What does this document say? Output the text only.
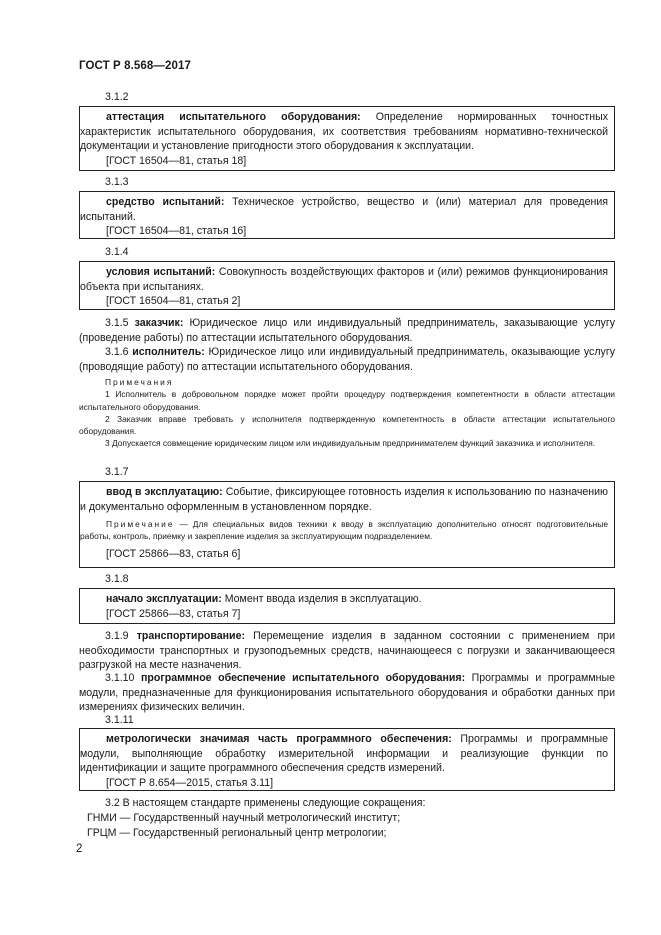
ГОСТ Р 8.568—2017
3.1.2

аттестация испытательного оборудования: Определение нормированных точностных характеристик испытательного оборудования, их соответствия требованиям нормативно-технической документации и установление пригодности этого оборудования к эксплуатации.

[ГОСТ 16504—81, статья 18]

3.1.3

средство испытаний: Техническое устройство, вещество и (или) материал для проведения испытаний.

[ГОСТ 16504—81, статья 16]

3.1.4

условия испытаний: Совокупность воздействующих факторов и (или) режимов функционирования объекта при испытаниях.

[ГОСТ 16504—81, статья 2]

3.1.5 заказчик: Юридическое лицо или индивидуальный предприниматель, заказывающие услугу (проведение работы) по аттестации испытательного оборудования.

3.1.6 исполнитель: Юридическое лицо или индивидуальный предприниматель, оказывающие услугу (проводящие работу) по аттестации испытательного оборудования.

Примечания
1 Исполнитель в добровольном порядке может пройти процедуру подтверждения компетентности в области аттестации испытательного оборудования.
2 Заказчик вправе требовать у исполнителя подтвержденную компетентность в области аттестации испытательного оборудования.
3 Допускается совмещение юридическим лицом или индивидуальным предпринимателем функций заказчика и исполнителя.
3.1.7

ввод в эксплуатацию: Событие, фиксирующее готовность изделия к использованию по назначению и документально оформленным в установленном порядке.

Примечание — Для специальных видов техники к вводу в эксплуатацию дополнительно относят подготовительные работы, контроль, приемку и закрепление изделия за эксплуатирующим подразделением.

[ГОСТ 25866—83, статья 6]

3.1.8

начало эксплуатации: Момент ввода изделия в эксплуатацию.

[ГОСТ 25866—83, статья 7]

3.1.9 транспортирование: Перемещение изделия в заданном состоянии с применением при необходимости транспортных и грузоподъемных средств, начинающееся с погрузки и заканчивающееся разгрузкой на месте назначения.

3.1.10 программное обеспечение испытательного оборудования: Программы и программные модули, предназначенные для функционирования испытательного оборудования и обработки данных при измерениях физических величин.

3.1.11

метрологически значимая часть программного обеспечения: Программы и программные модули, выполняющие обработку измерительной информации и реализующие функции по идентификации и защите программного обеспечения средств измерений.

[ГОСТ Р 8.654—2015, статья 3.11]

3.2 В настоящем стандарте применены следующие сокращения:
ГНМИ — Государственный научный метрологический институт;
ГРЦМ — Государственный региональный центр метрологии;
2
